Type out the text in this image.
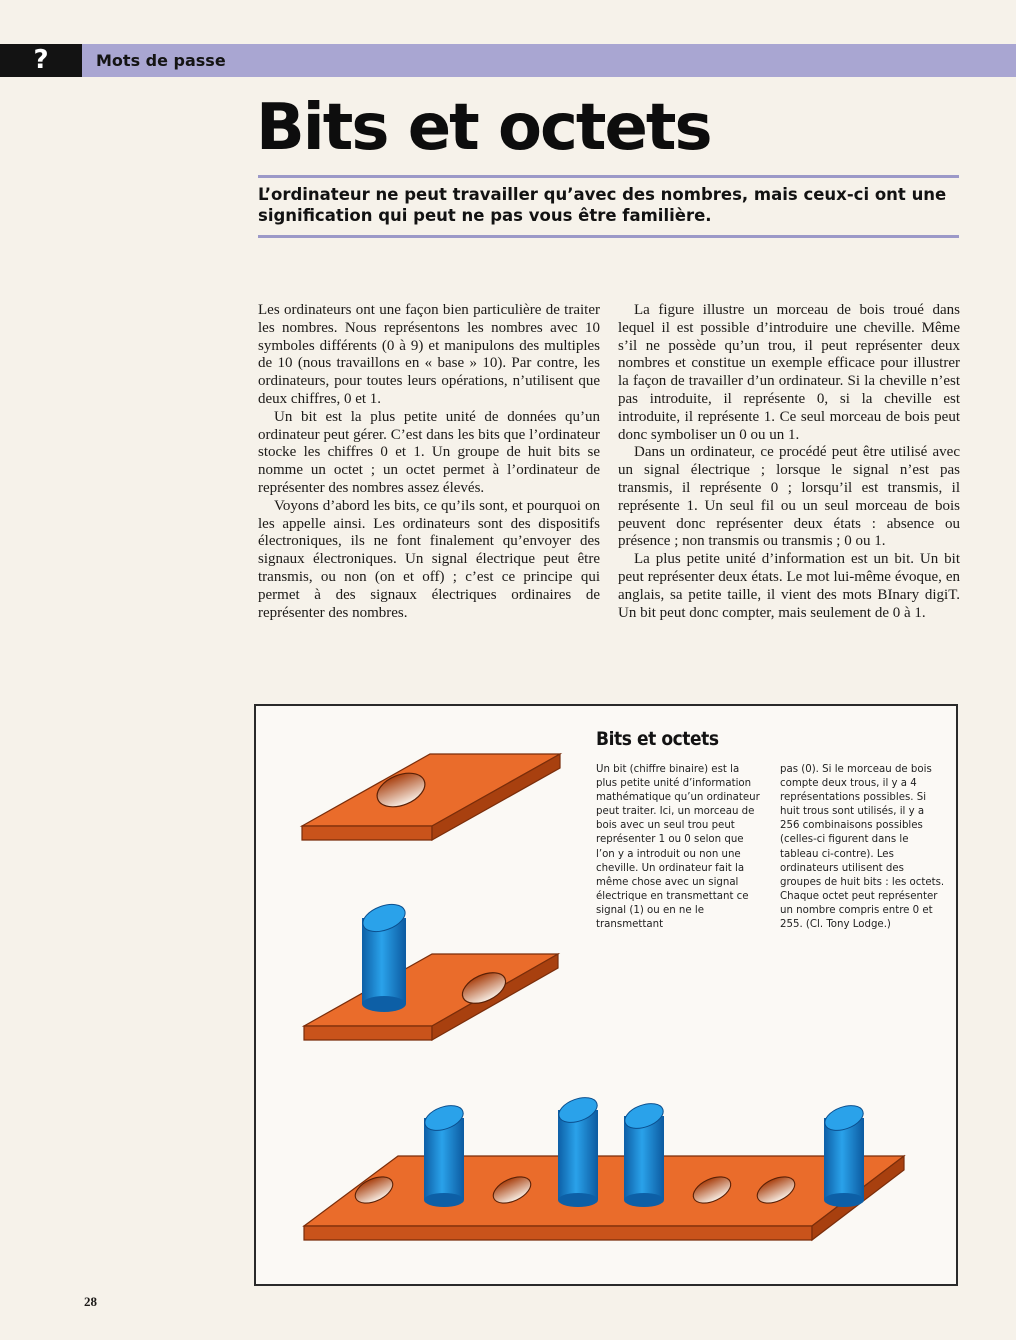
?	Mots de passe
Bits et octets
L’ordinateur ne peut travailler qu’avec des nombres, mais ceux-ci ont une signification qui peut ne pas vous être familière.

Les ordinateurs ont une façon bien particulière de traiter les nombres. Nous représentons les nombres avec 10 symboles différents (0 à 9) et manipulons des multiples de 10 (nous travaillons en « base » 10). Par contre, les ordinateurs, pour toutes leurs opérations, n’utilisent que deux chiffres, 0 et 1.

Un bit est la plus petite unité de données qu’un ordinateur peut gérer. C’est dans les bits que l’ordinateur stocke les chiffres 0 et 1. Un groupe de huit bits se nomme un octet ; un octet permet à l’ordinateur de représenter des nombres assez élevés.

Voyons d’abord les bits, ce qu’ils sont, et pourquoi on les appelle ainsi. Les ordinateurs sont des dispositifs électroniques, ils ne font finalement qu’envoyer des signaux électroniques. Un signal électrique peut être transmis, ou non (on et off) ; c’est ce principe qui permet à des signaux électriques ordinaires de représenter des nombres.

La figure illustre un morceau de bois troué dans lequel il est possible d’introduire une cheville. Même s’il ne possède qu’un trou, il peut représenter deux nombres et constitue un exemple efficace pour illustrer la façon de travailler d’un ordinateur. Si la cheville n’est pas introduite, il représente 0, si la cheville est introduite, il représente 1. Ce seul morceau de bois peut donc symboliser un 0 ou un 1.

Dans un ordinateur, ce procédé peut être utilisé avec un signal électrique ; lorsque le signal n’est pas transmis, il représente 0 ; lorsqu’il est transmis, il représente 1. Un seul fil ou un seul morceau de bois peuvent donc représenter deux états : absence ou présence ; non transmis ou transmis ; 0 ou 1.

La plus petite unité d’information est un bit. Un bit peut représenter deux états. Le mot lui-même évoque, en anglais, sa petite taille, il vient des mots BInary digiT. Un bit peut donc compter, mais seulement de 0 à 1.

Bits et octets
Un bit (chiffre binaire) est la plus petite unité d’information mathématique qu’un ordinateur peut traiter. Ici, un morceau de bois avec un seul trou peut représenter 1 ou 0 selon que l’on y a introduit ou non une cheville. Un ordinateur fait la même chose avec un signal électrique en transmettant ce signal (1) ou en ne le transmettant
pas (0). Si le morceau de bois compte deux trous, il y a 4 représentations possibles. Si huit trous sont utilisés, il y a 256 combinaisons possibles (celles-ci figurent dans le tableau ci-contre). Les ordinateurs utilisent des groupes de huit bits : les octets. Chaque octet peut représenter un nombre compris entre 0 et 255. (Cl. Tony Lodge.)
28
